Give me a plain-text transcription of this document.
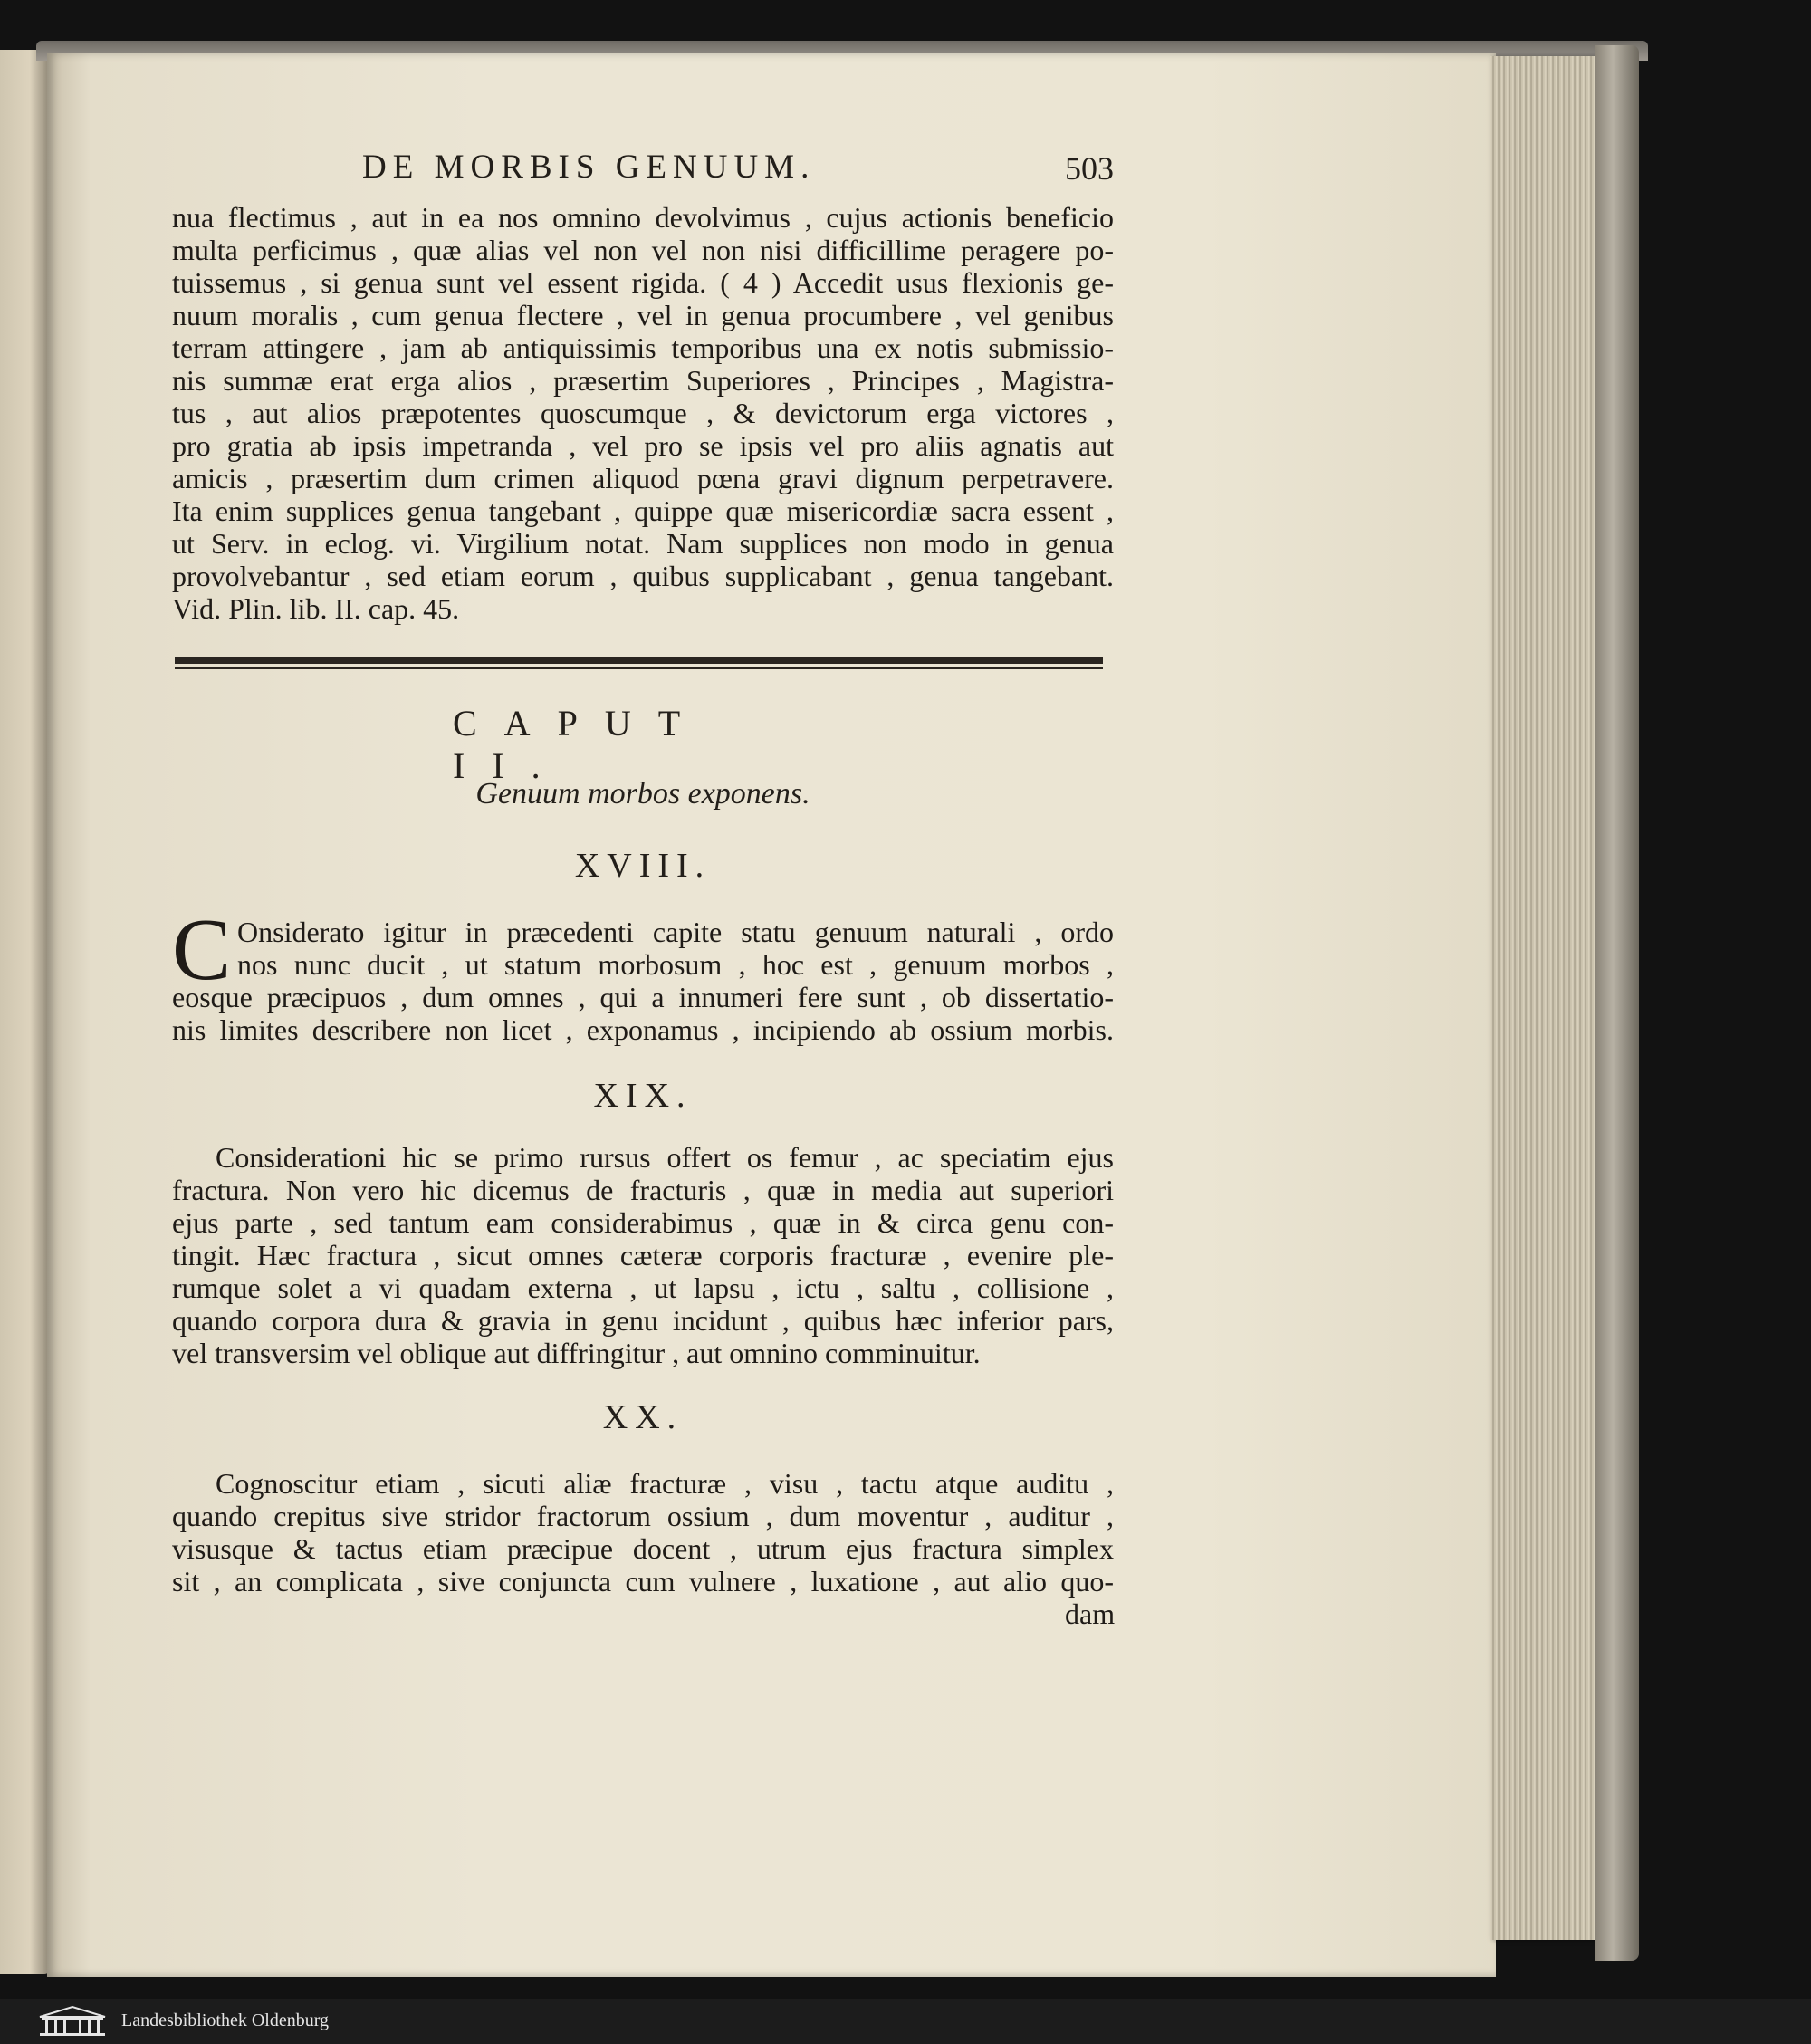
DE MORBIS GENUUM.	503
nua flectimus , aut in ea nos omnino devolvimus , cujus actionis beneficio
multa perficimus , quæ alias vel non vel non nisi difficillime peragere po-
tuissemus , si genua sunt vel essent rigida. ( 4 ) Accedit usus flexionis ge-
nuum moralis , cum genua flectere , vel in genua procumbere , vel genibus
terram attingere , jam ab antiquissimis temporibus una ex notis submissio-
nis summæ erat erga alios , præsertim Superiores , Principes , Magistra-
tus , aut alios præpotentes quoscumque , & devictorum erga victores ,
pro gratia ab ipsis impetranda , vel pro se ipsis vel pro aliis agnatis aut
amicis , præsertim dum crimen aliquod pœna gravi dignum perpetravere.
Ita enim supplices genua tangebant , quippe quæ misericordiæ sacra essent ,
ut Serv. in eclog. vi. Virgilium notat. Nam supplices non modo in genua
provolvebantur , sed etiam eorum , quibus supplicabant , genua tangebant.
Vid. Plin. lib. II. cap. 45.
CAPUT II.
Genuum morbos exponens.
XVIII.
C Onsiderato igitur in præcedenti capite statu genuum naturali , ordo
nos nunc ducit , ut statum morbosum , hoc est , genuum morbos ,
eosque præcipuos , dum omnes , qui a innumeri fere sunt , ob dissertatio-
nis limites describere non licet , exponamus , incipiendo ab ossium morbis.
XIX.
Considerationi hic se primo rursus offert os femur , ac speciatim ejus
fractura. Non vero hic dicemus de fracturis , quæ in media aut superiori
ejus parte , sed tantum eam considerabimus , quæ in & circa genu con-
tingit. Hæc fractura , sicut omnes cæteræ corporis fracturæ , evenire ple-
rumque solet a vi quadam externa , ut lapsu , ictu , saltu , collisione ,
quando corpora dura & gravia in genu incidunt , quibus hæc inferior pars,
vel transversim vel oblique aut diffringitur , aut omnino comminuitur.
XX.
Cognoscitur etiam , sicuti aliæ fracturæ , visu , tactu atque auditu ,
quando crepitus sive stridor fractorum ossium , dum moventur , auditur ,
visusque & tactus etiam præcipue docent , utrum ejus fractura simplex
sit , an complicata , sive conjuncta cum vulnere , luxatione , aut alio quo-
dam
Landesbibliothek Oldenburg
